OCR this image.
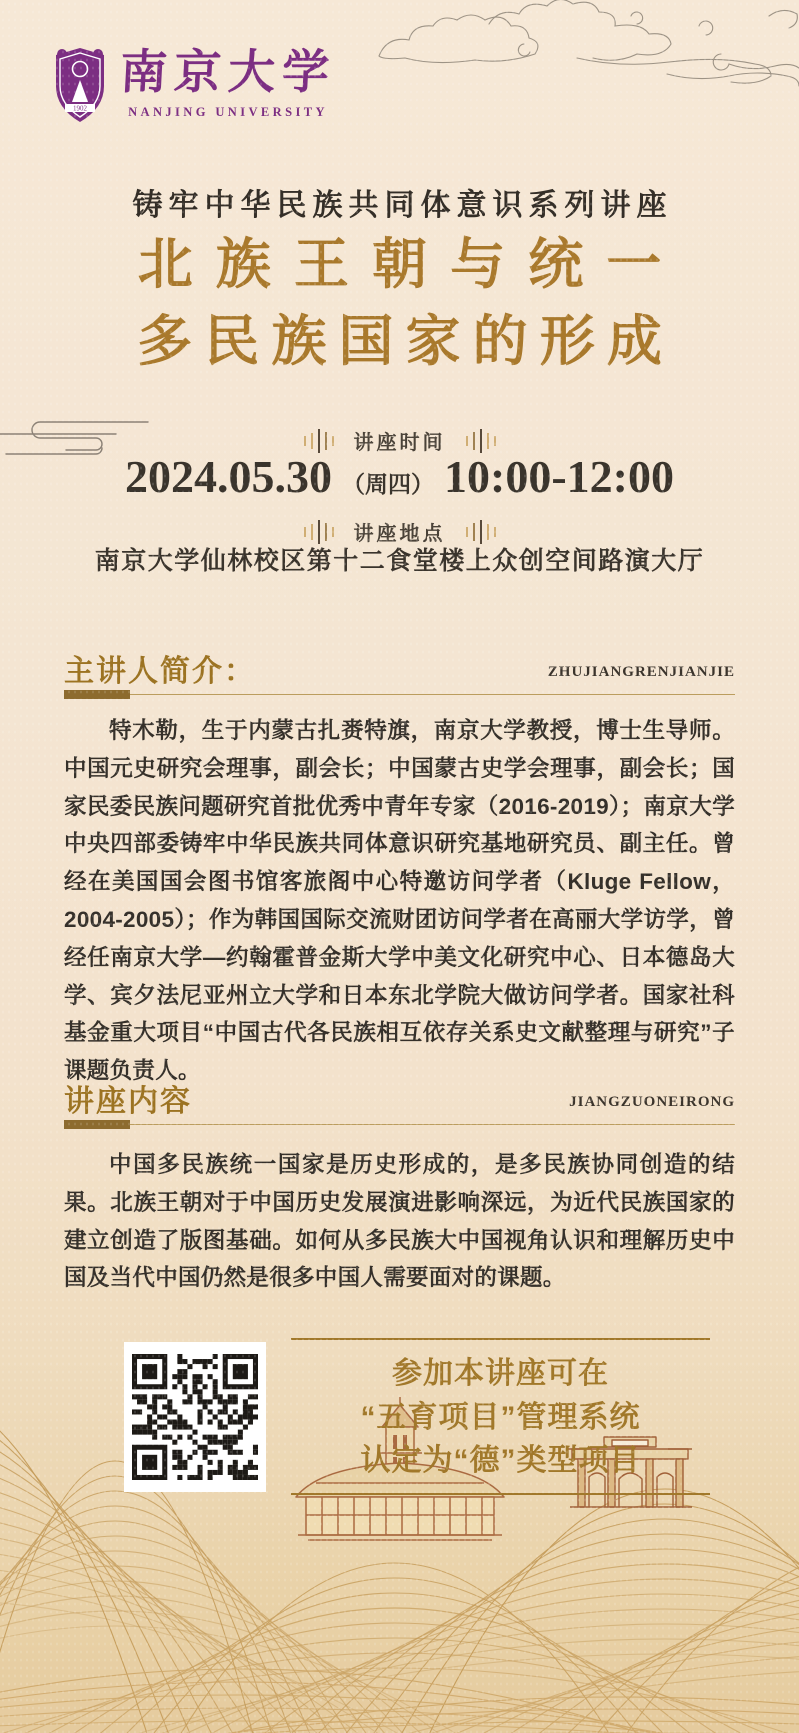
1902
南京大学
NANJING UNIVERSITY
铸牢中华民族共同体意识系列讲座
北族王朝与统一
多民族国家的形成
讲座时间
2024.05.30 （周四） 10:00-12:00
讲座地点
南京大学仙林校区第十二食堂楼上众创空间路演大厅
主讲人简介：	ZHUJIANGRENJIANJIE

特木勒，生于内蒙古扎赉特旗，南京大学教授，博士生导师。中国元史研究会理事，副会长；中国蒙古史学会理事，副会长；国家民委民族问题研究首批优秀中青年专家（2016-2019）；南京大学中央四部委铸牢中华民族共同体意识研究基地研究员、副主任。曾经在美国国会图书馆客旅阁中心特邀访问学者（Kluge Fellow，2004-2005）；作为韩国国际交流财团访问学者在高丽大学访学，曾经任南京大学—约翰霍普金斯大学中美文化研究中心、日本德岛大学、宾夕法尼亚州立大学和日本东北学院大做访问学者。国家社科基金重大项目“中国古代各民族相互依存关系史文献整理与研究”子课题负责人。

讲座内容	JIANGZUONEIRONG

中国多民族统一国家是历史形成的，是多民族协同创造的结果。北族王朝对于中国历史发展演进影响深远，为近代民族国家的建立创造了版图基础。如何从多民族大中国视角认识和理解历史中国及当代中国仍然是很多中国人需要面对的课题。

参加本讲座可在
“五育项目”管理系统
认定为“德”类型项目
